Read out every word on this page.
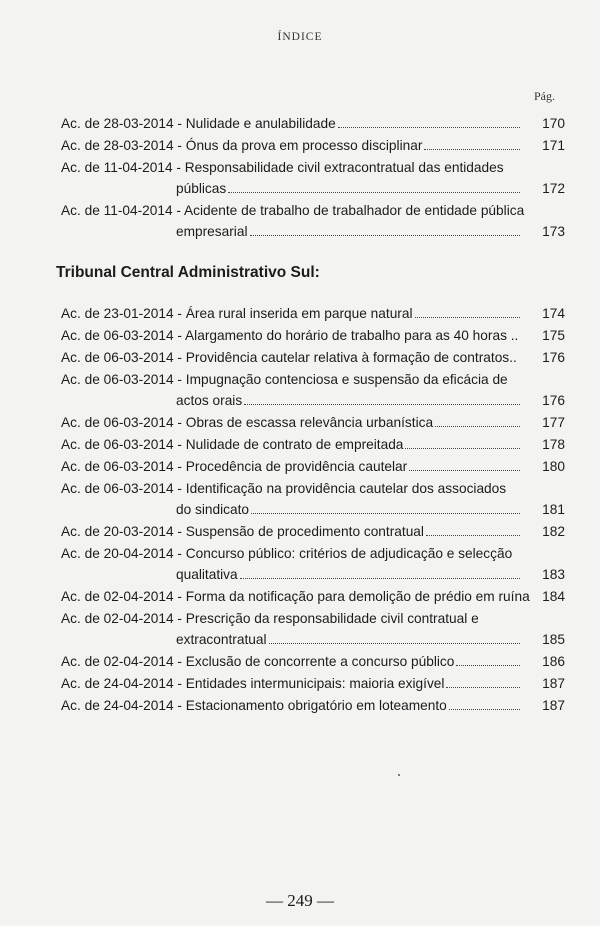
ÍNDICE
Pág.
Ac. de 28-03-2014 - Nulidade e anulabilidade	170
Ac. de 28-03-2014 - Ónus da prova em processo disciplinar	171
Ac. de 11-04-2014 - Responsabilidade civil extracontratual das entidades
públicas	172
Ac. de 11-04-2014 - Acidente de trabalho de trabalhador de entidade pública
empresarial	173
Tribunal Central Administrativo Sul:
Ac. de 23-01-2014 - Área rural inserida em parque natural	174
Ac. de 06-03-2014 - Alargamento do horário de trabalho para as 40 horas .. 175
Ac. de 06-03-2014 - Providência cautelar relativa à formação de contratos.. 176
Ac. de 06-03-2014 - Impugnação contenciosa e suspensão da eficácia de
actos orais	176
Ac. de 06-03-2014 - Obras de escassa relevância urbanística	177
Ac. de 06-03-2014 - Nulidade de contrato de empreitada	178
Ac. de 06-03-2014 - Procedência de providência cautelar	180
Ac. de 06-03-2014 - Identificação na providência cautelar dos associados
do sindicato	181
Ac. de 20-03-2014 - Suspensão de procedimento contratual	182
Ac. de 20-04-2014 - Concurso público: critérios de adjudicação e selecção
qualitativa	183
Ac. de 02-04-2014 - Forma da notificação para demolição de prédio em ruína 184
Ac. de 02-04-2014 - Prescrição da responsabilidade civil contratual e
extracontratual	185
Ac. de 02-04-2014 - Exclusão de concorrente a concurso público	186
Ac. de 24-04-2014 - Entidades intermunicipais: maioria exigível	187
Ac. de 24-04-2014 - Estacionamento obrigatório em loteamento	187
— 249 —
